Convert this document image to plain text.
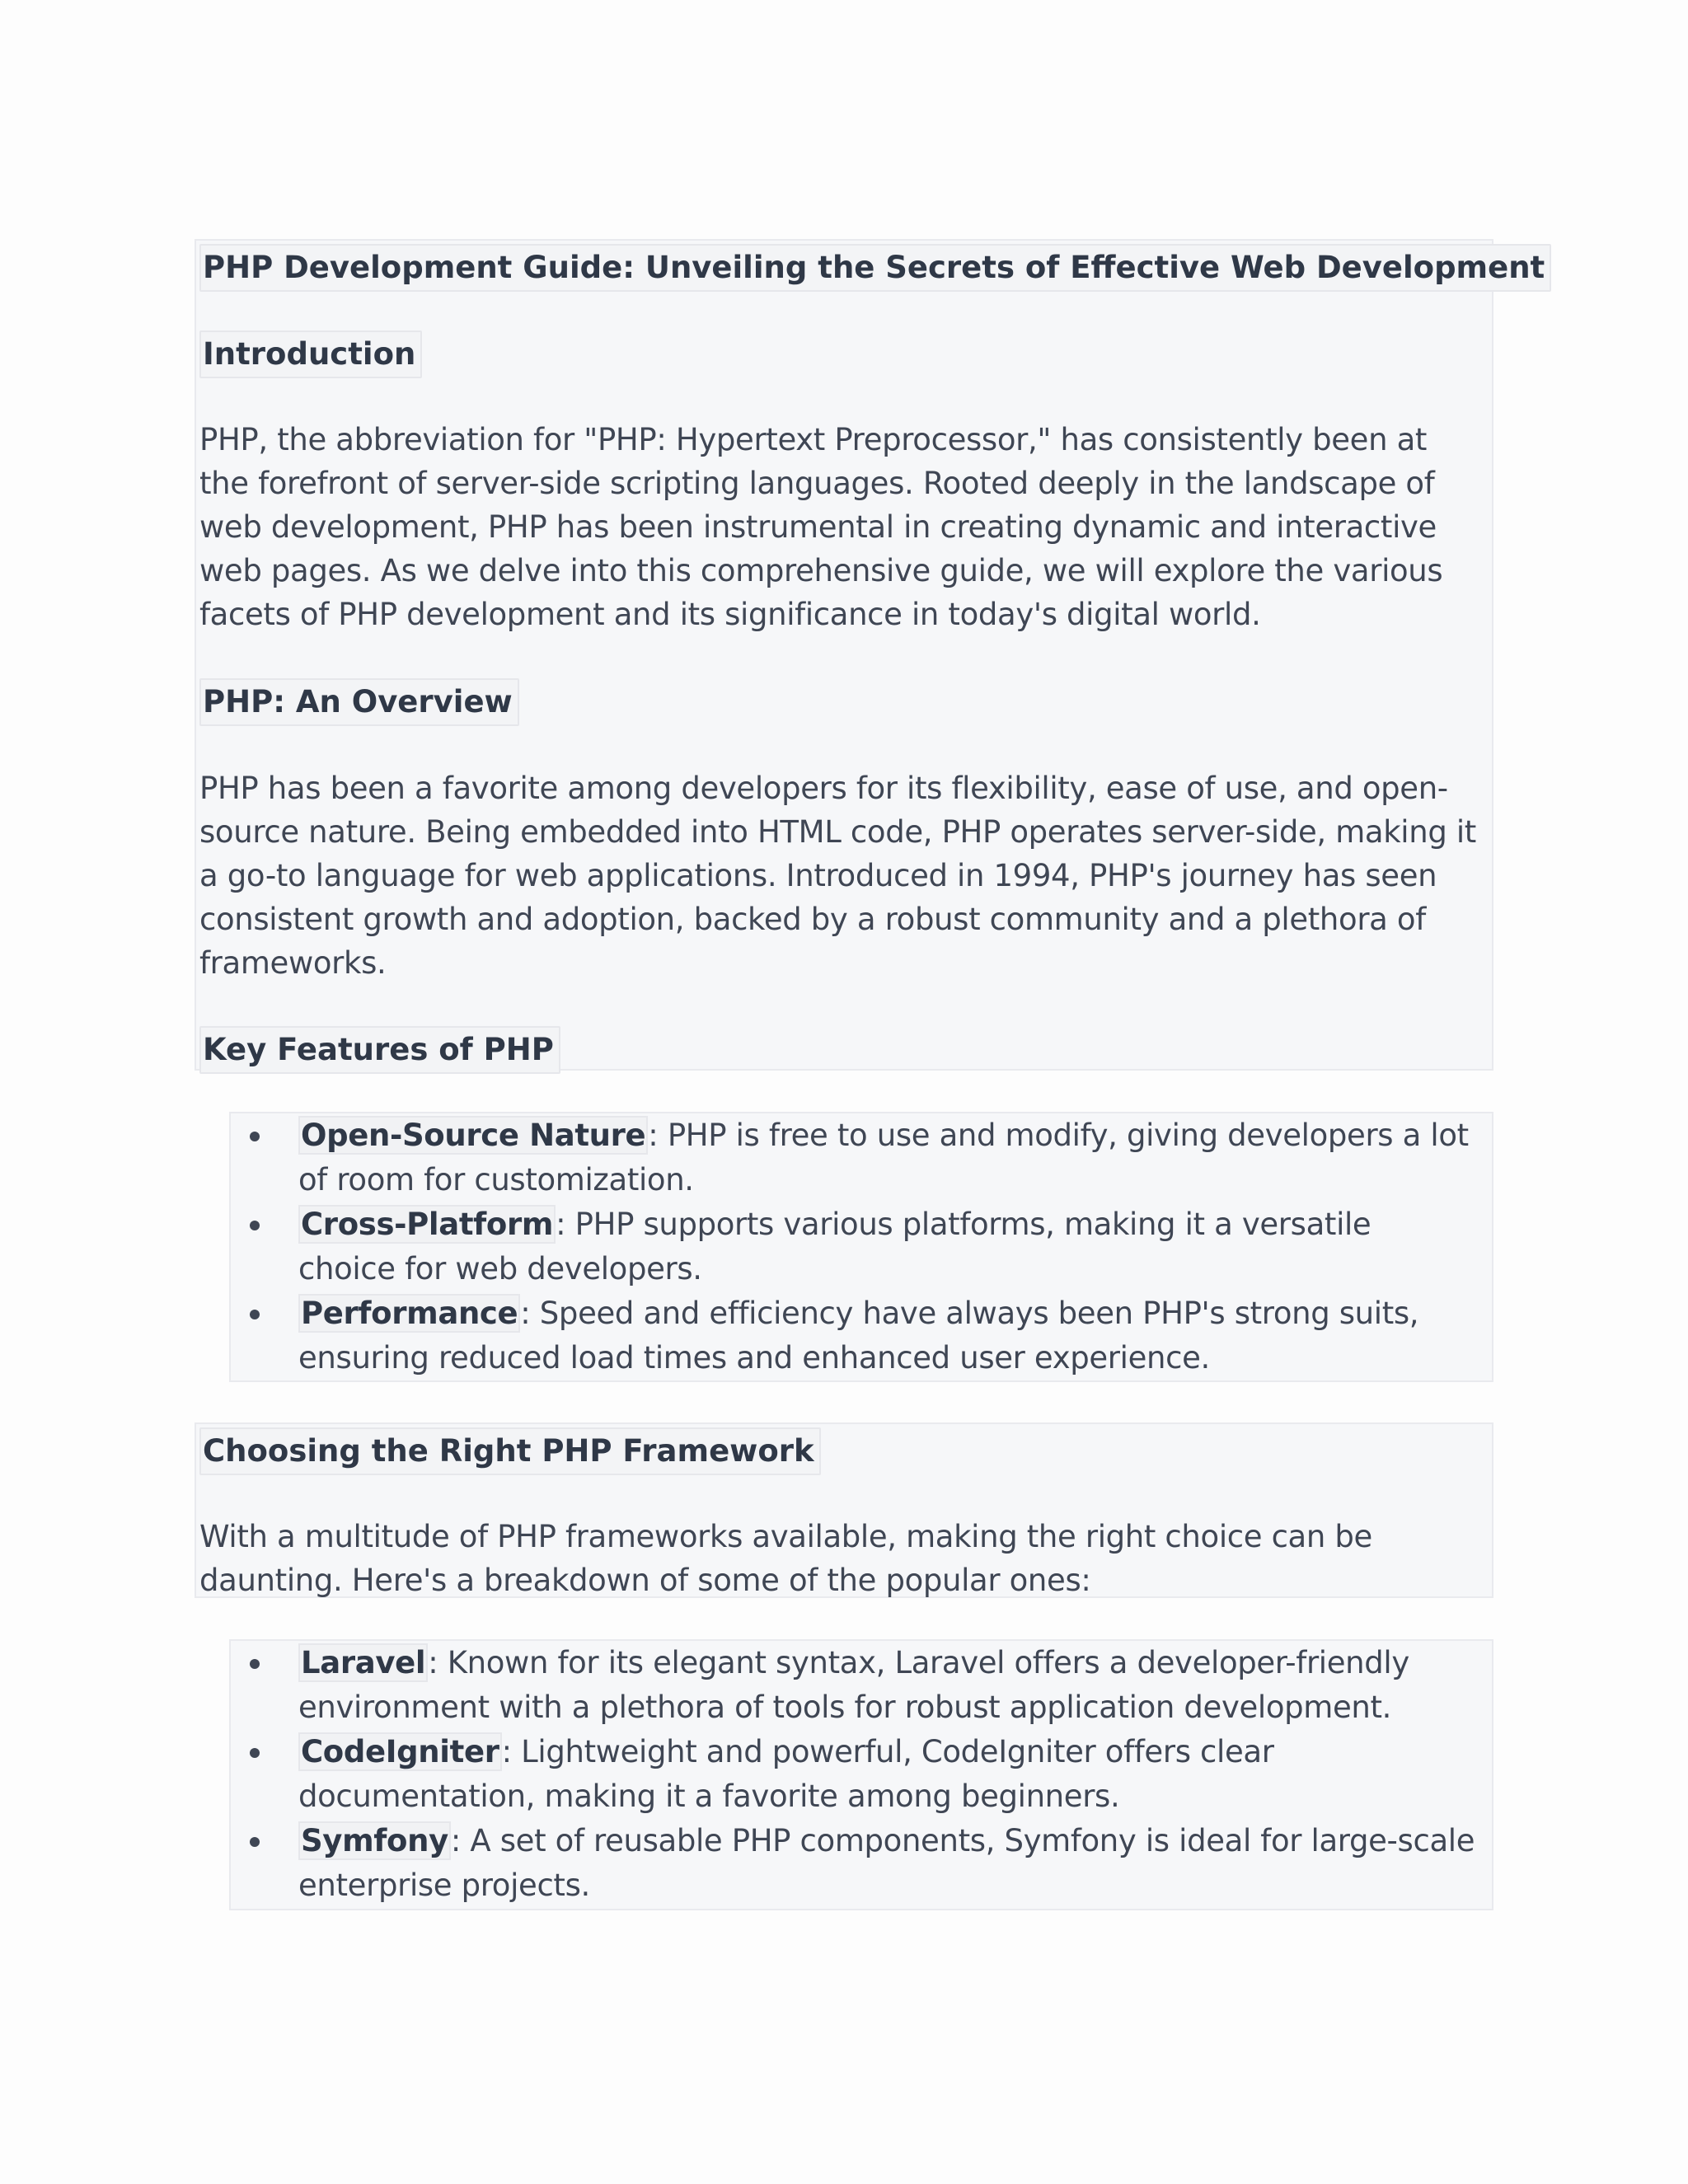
PHP Development Guide: Unveiling the Secrets of Effective Web Development
Introduction

PHP, the abbreviation for "PHP: Hypertext Preprocessor," has consistently been at the forefront of server-side scripting languages. Rooted deeply in the landscape of web development, PHP has been instrumental in creating dynamic and interactive web pages. As we delve into this comprehensive guide, we will explore the various facets of PHP development and its significance in today's digital world.

PHP: An Overview

PHP has been a favorite among developers for its flexibility, ease of use, and open-source nature. Being embedded into HTML code, PHP operates server-side, making it a go-to language for web applications. Introduced in 1994, PHP's journey has seen consistent growth and adoption, backed by a robust community and a plethora of frameworks.

Key Features of PHP
Open-Source Nature: PHP is free to use and modify, giving developers a lot of room for customization.
Cross-Platform: PHP supports various platforms, making it a versatile choice for web developers.
Performance: Speed and efficiency have always been PHP's strong suits, ensuring reduced load times and enhanced user experience.
Choosing the Right PHP Framework

With a multitude of PHP frameworks available, making the right choice can be daunting. Here's a breakdown of some of the popular ones:

Laravel: Known for its elegant syntax, Laravel offers a developer-friendly environment with a plethora of tools for robust application development.
CodeIgniter: Lightweight and powerful, CodeIgniter offers clear documentation, making it a favorite among beginners.
Symfony: A set of reusable PHP components, Symfony is ideal for large-scale enterprise projects.
